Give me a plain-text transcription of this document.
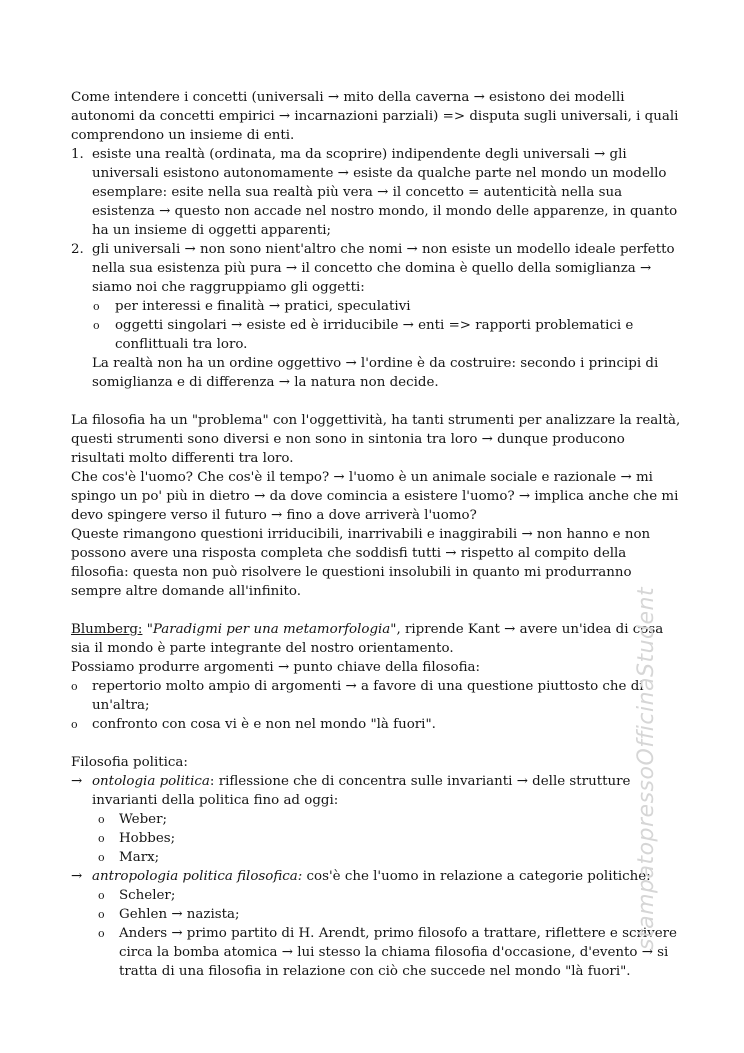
Come intendere i concetti (universali → mito della caverna → esistono dei modelli autonomi da concetti empirici → incarnazioni parziali) => disputa sugli universali, i quali comprendono un insieme di enti.

1. esiste una realtà (ordinata, ma da scoprire) indipendente degli universali → gli universali esistono autonomamente → esiste da qualche parte nel mondo un modello esemplare: esite nella sua realtà più vera → il concetto = autenticità nella sua esistenza → questo non accade nel nostro mondo, il mondo delle apparenze, in quanto ha un insieme di oggetti apparenti;
2. gli universali → non sono nient'altro che nomi → non esiste un modello ideale perfetto nella sua esistenza più pura → il concetto che domina è quello della somiglianza → siamo noi che raggruppiamo gli oggetti:
o per interessi e finalità → pratici, speculativi
o oggetti singolari → esiste ed è irriducibile → enti => rapporti problematici e conflittuali tra loro.

La realtà non ha un ordine oggettivo → l'ordine è da costruire: secondo i principi di somiglianza e di differenza → la natura non decide.

La filosofia ha un "problema" con l'oggettività, ha tanti strumenti per analizzare la realtà, questi strumenti sono diversi e non sono in sintonia tra loro → dunque producono risultati molto differenti tra loro.

Che cos'è l'uomo? Che cos'è il tempo? → l'uomo è un animale sociale e razionale → mi spingo un po' più in dietro → da dove comincia a esistere l'uomo? → implica anche che mi devo spingere verso il futuro → fino a dove arriverà l'uomo?

Queste rimangono questioni irriducibili, inarrivabili e inaggirabili → non hanno e non possono avere una risposta completa che soddisfi tutti → rispetto al compito della filosofia: questa non può risolvere le questioni insolubili in quanto mi produrranno sempre altre domande all'infinito.

Blumberg: "Paradigmi per una metamorfologia", riprende Kant → avere un'idea di cosa sia il mondo è parte integrante del nostro orientamento.

Possiamo produrre argomenti → punto chiave della filosofia:

o repertorio molto ampio di argomenti → a favore di una questione piuttosto che di un'altra;
o confronto con cosa vi è e non nel mondo "là fuori".

Filosofia politica:

→ ontologia politica: riflessione che di concentra sulle invarianti → delle strutture invarianti della politica fino ad oggi:
o Weber;
o Hobbes;
o Marx;
→ antropologia politica filosofica: cos'è che l'uomo in relazione a categorie politiche:
o Scheler;
o Gehlen → nazista;
o Anders → primo partito di H. Arendt, primo filosofo a trattare, riflettere e scrivere circa la bomba atomica → lui stesso la chiama filosofia d'occasione, d'evento → si tratta di una filosofia in relazione con ciò che succede nel mondo "là fuori".
stampatopressoOfficinaStudent
